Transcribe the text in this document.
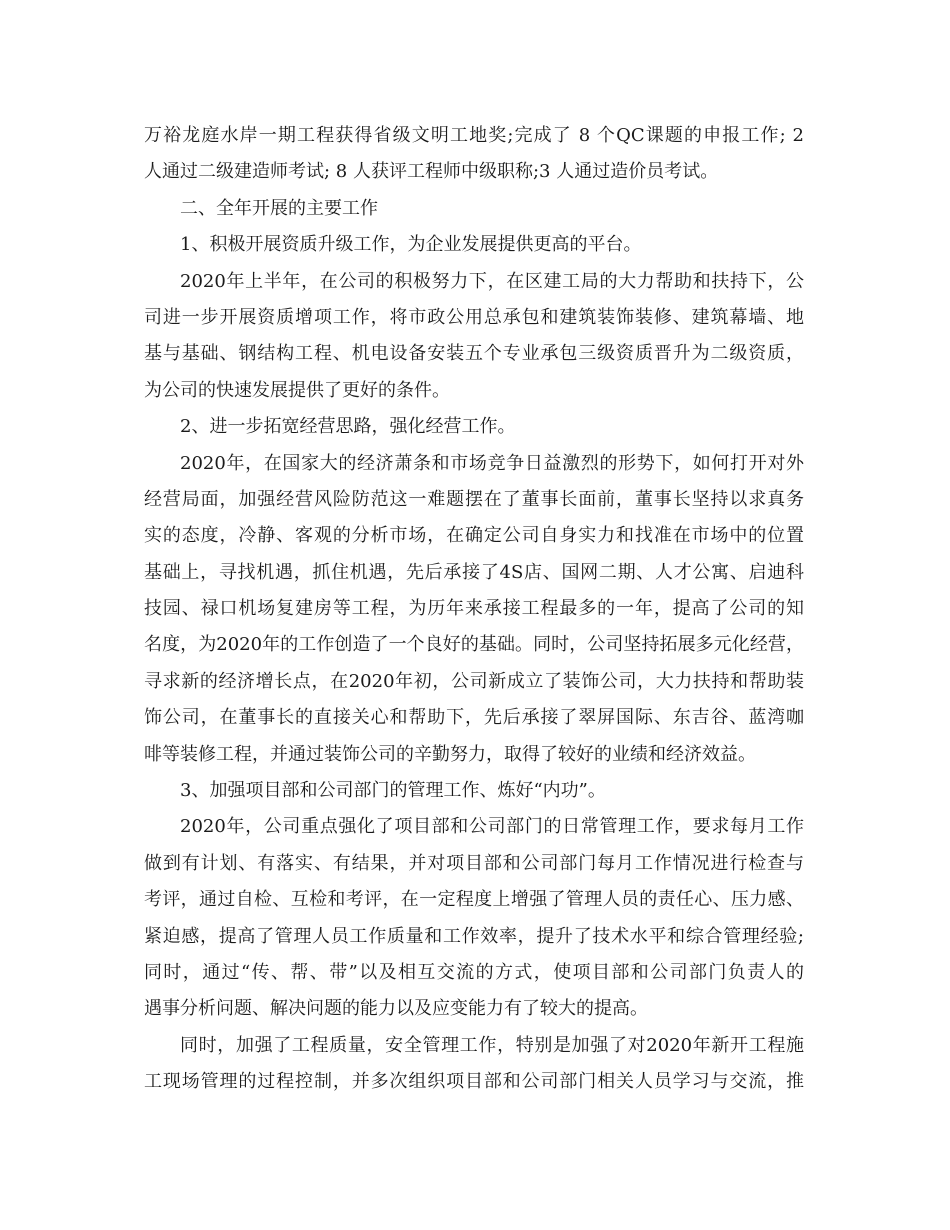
万裕龙庭水岸一期工程获得省级文明工地奖;完成了 8 个QC课题的申报工作; 2
人通过二级建造师考试; 8 人获评工程师中级职称;3 人通过造价员考试。
二、全年开展的主要工作
1、积极开展资质升级工作，为企业发展提供更高的平台。
2020年上半年，在公司的积极努力下，在区建工局的大力帮助和扶持下，公
司进一步开展资质增项工作，将市政公用总承包和建筑装饰装修、建筑幕墙、地
基与基础、钢结构工程、机电设备安装五个专业承包三级资质晋升为二级资质，
为公司的快速发展提供了更好的条件。
2、进一步拓宽经营思路，强化经营工作。
2020年，在国家大的经济萧条和市场竞争日益激烈的形势下，如何打开对外
经营局面，加强经营风险防范这一难题摆在了董事长面前，董事长坚持以求真务
实的态度，冷静、客观的分析市场，在确定公司自身实力和找准在市场中的位置
基础上，寻找机遇，抓住机遇，先后承接了4S店、国网二期、人才公寓、启迪科
技园、禄口机场复建房等工程，为历年来承接工程最多的一年，提高了公司的知
名度，为2020年的工作创造了一个良好的基础。同时，公司坚持拓展多元化经营，
寻求新的经济增长点，在2020年初，公司新成立了装饰公司，大力扶持和帮助装
饰公司，在董事长的直接关心和帮助下，先后承接了翠屏国际、东吉谷、蓝湾咖
啡等装修工程，并通过装饰公司的辛勤努力，取得了较好的业绩和经济效益。
3、加强项目部和公司部门的管理工作、炼好“内功”。
2020年，公司重点强化了项目部和公司部门的日常管理工作，要求每月工作
做到有计划、有落实、有结果，并对项目部和公司部门每月工作情况进行检查与
考评，通过自检、互检和考评，在一定程度上增强了管理人员的责任心、压力感、
紧迫感，提高了管理人员工作质量和工作效率，提升了技术水平和综合管理经验;
同时，通过“传、帮、带”以及相互交流的方式，使项目部和公司部门负责人的
遇事分析问题、解决问题的能力以及应变能力有了较大的提高。
同时，加强了工程质量，安全管理工作，特别是加强了对2020年新开工程施
工现场管理的过程控制，并多次组织项目部和公司部门相关人员学习与交流，推
